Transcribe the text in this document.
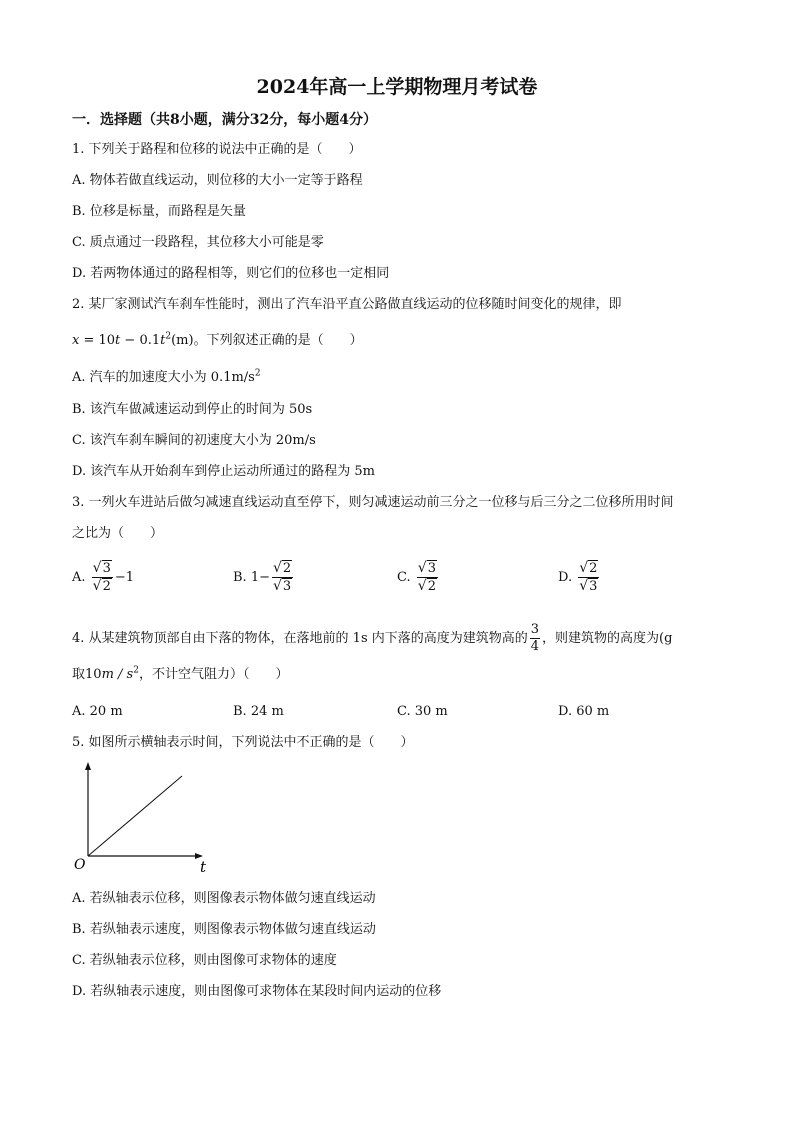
2024年高一上学期物理月考试卷
一．选择题（共8小题，满分32分，每小题4分）
1. 下列关于路程和位移的说法中正确的是（　　）
A. 物体若做直线运动，则位移的大小一定等于路程
B. 位移是标量，而路程是矢量
C. 质点通过一段路程，其位移大小可能是零
D. 若两物体通过的路程相等，则它们的位移也一定相同
2. 某厂家测试汽车刹车性能时，测出了汽车沿平直公路做直线运动的位移随时间变化的规律，即
$x = 10t - 0.1t^2(m)$。下列叙述正确的是（　　）
A. 汽车的加速度大小为 $0.1m/s^2$
B. 该汽车做减速运动到停止的时间为 50s
C. 该汽车刹车瞬间的初速度大小为 20m/s
D. 该汽车从开始刹车到停止运动所通过的路程为 5m
3. 一列火车进站后做匀减速直线运动直至停下，则匀减速运动前三分之一位移与后三分之二位移所用时间
之比为（　　）
A. $\frac{√3}{√2} -1$	B. $1- \frac{√2}{√3}$	C. $\frac{√3}{√2}$	D. $\frac{√2}{√3}$
4. 从某建筑物顶部自由下落的物体，在落地前的 1s 内下落的高度为建筑物高的 $\frac{3}{4}$ ，则建筑物的高度为(g
取$10m / s^2$，不计空气阻力）（　　）
A. 20 m	B. 24 m	C. 30 m	D. 60 m
5. 如图所示横轴表示时间，下列说法中不正确的是（　　）
O	t
A. 若纵轴表示位移，则图像表示物体做匀速直线运动
B. 若纵轴表示速度，则图像表示物体做匀速直线运动
C. 若纵轴表示位移，则由图像可求物体的速度
D. 若纵轴表示速度，则由图像可求物体在某段时间内运动的位移
